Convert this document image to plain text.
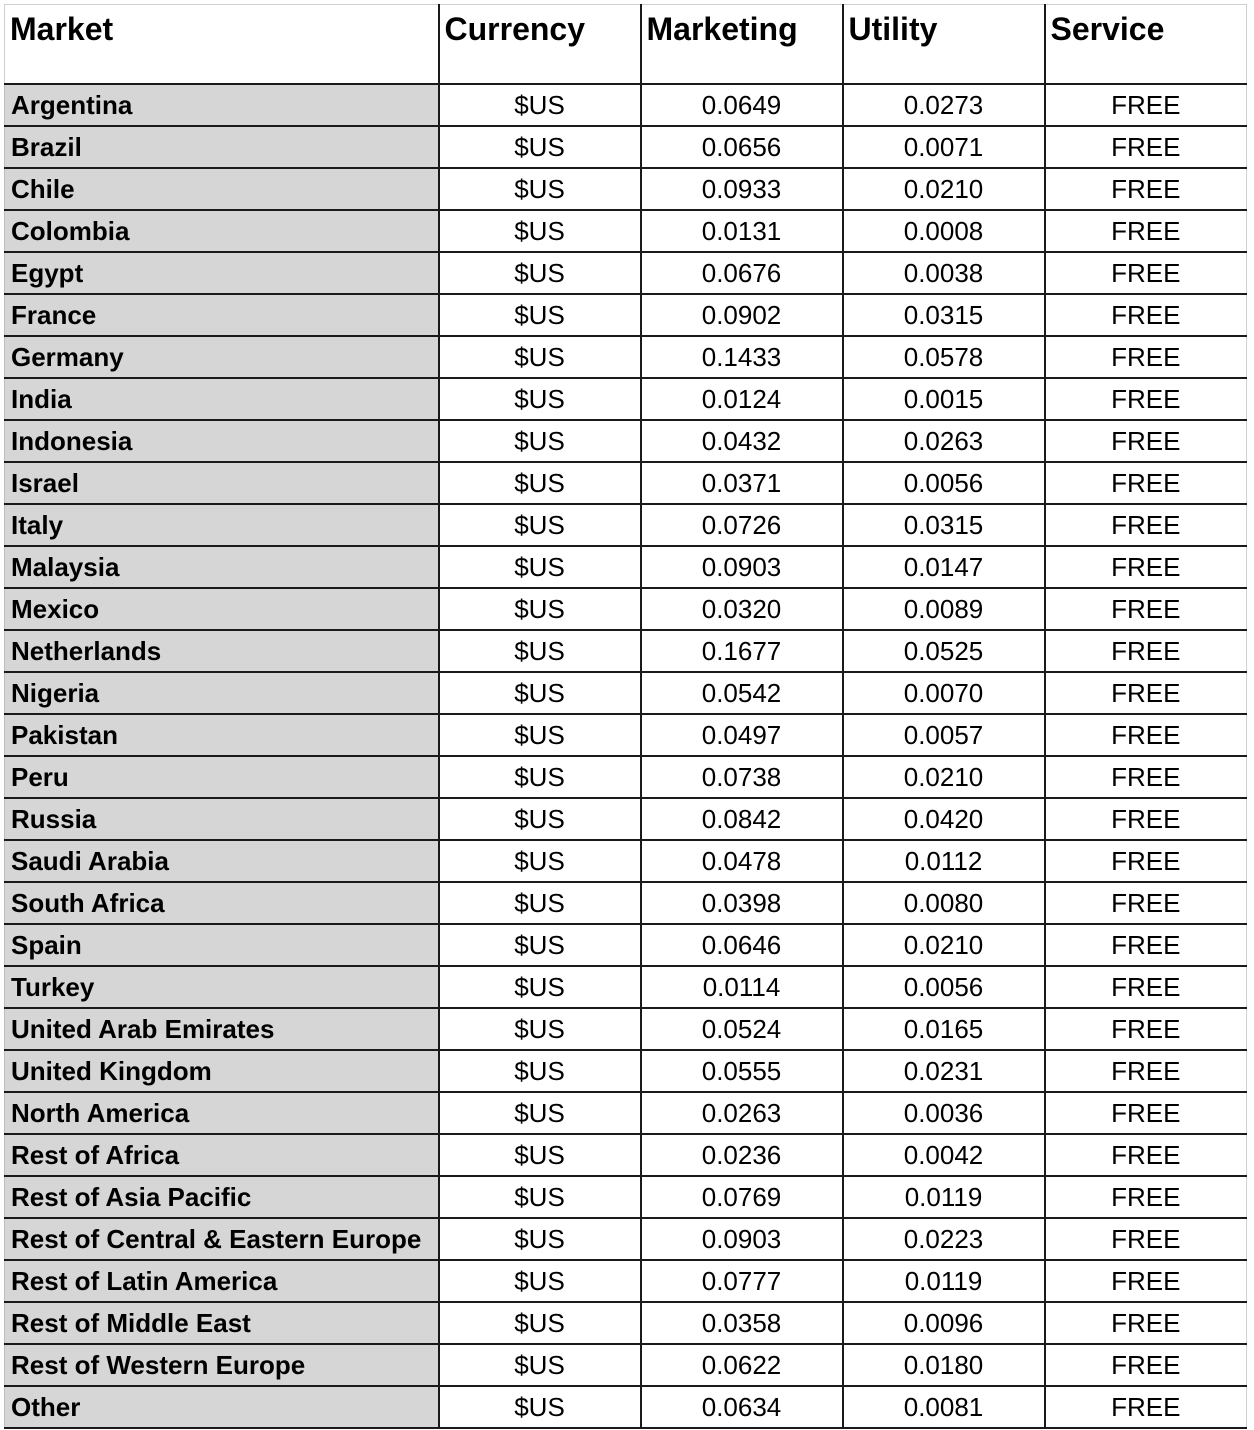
Market	Currency	Marketing	Utility	Service
Argentina	$US	0.0649	0.0273	FREE
Brazil	$US	0.0656	0.0071	FREE
Chile	$US	0.0933	0.0210	FREE
Colombia	$US	0.0131	0.0008	FREE
Egypt	$US	0.0676	0.0038	FREE
France	$US	0.0902	0.0315	FREE
Germany	$US	0.1433	0.0578	FREE
India	$US	0.0124	0.0015	FREE
Indonesia	$US	0.0432	0.0263	FREE
Israel	$US	0.0371	0.0056	FREE
Italy	$US	0.0726	0.0315	FREE
Malaysia	$US	0.0903	0.0147	FREE
Mexico	$US	0.0320	0.0089	FREE
Netherlands	$US	0.1677	0.0525	FREE
Nigeria	$US	0.0542	0.0070	FREE
Pakistan	$US	0.0497	0.0057	FREE
Peru	$US	0.0738	0.0210	FREE
Russia	$US	0.0842	0.0420	FREE
Saudi Arabia	$US	0.0478	0.0112	FREE
South Africa	$US	0.0398	0.0080	FREE
Spain	$US	0.0646	0.0210	FREE
Turkey	$US	0.0114	0.0056	FREE
United Arab Emirates	$US	0.0524	0.0165	FREE
United Kingdom	$US	0.0555	0.0231	FREE
North America	$US	0.0263	0.0036	FREE
Rest of Africa	$US	0.0236	0.0042	FREE
Rest of Asia Pacific	$US	0.0769	0.0119	FREE
Rest of Central & Eastern Europe	$US	0.0903	0.0223	FREE
Rest of Latin America	$US	0.0777	0.0119	FREE
Rest of Middle East	$US	0.0358	0.0096	FREE
Rest of Western Europe	$US	0.0622	0.0180	FREE
Other	$US	0.0634	0.0081	FREE
